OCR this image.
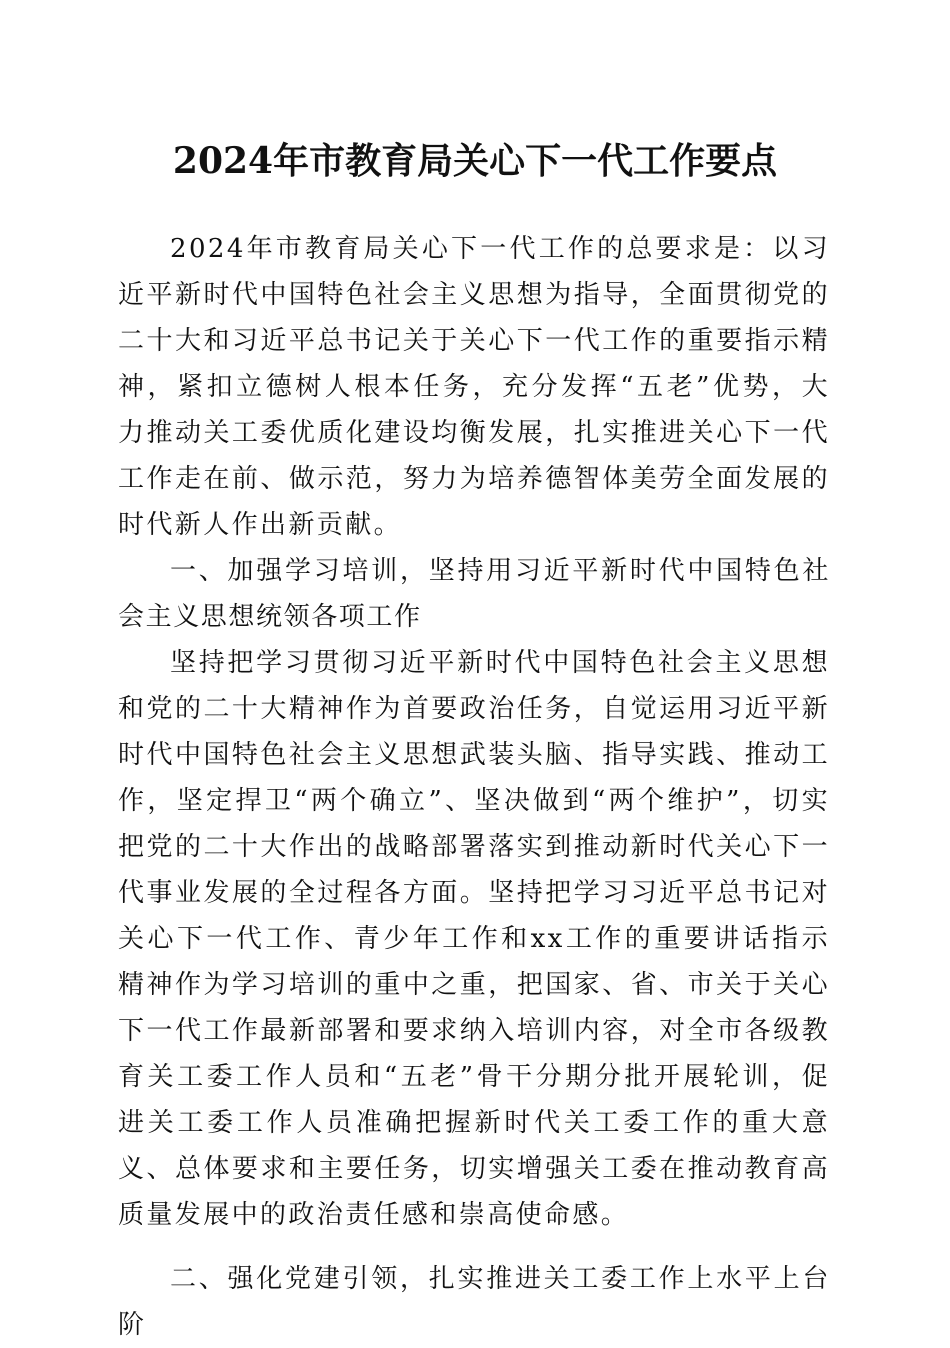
2024年市教育局关心下一代工作要点

2024年市教育局关心下一代工作的总要求是：以习近平新时代中国特色社会主义思想为指导，全面贯彻党的二十大和习近平总书记关于关心下一代工作的重要指示精神，紧扣立德树人根本任务，充分发挥“五老”优势，大力推动关工委优质化建设均衡发展，扎实推进关心下一代工作走在前、做示范，努力为培养德智体美劳全面发展的时代新人作出新贡献。

一、加强学习培训，坚持用习近平新时代中国特色社会主义思想统领各项工作

坚持把学习贯彻习近平新时代中国特色社会主义思想和党的二十大精神作为首要政治任务，自觉运用习近平新时代中国特色社会主义思想武装头脑、指导实践、推动工作，坚定捍卫“两个确立”、坚决做到“两个维护”，切实把党的二十大作出的战略部署落实到推动新时代关心下一代事业发展的全过程各方面。坚持把学习习近平总书记对关心下一代工作、青少年工作和xx工作的重要讲话指示精神作为学习培训的重中之重，把国家、省、市关于关心下一代工作最新部署和要求纳入培训内容，对全市各级教育关工委工作人员和“五老”骨干分期分批开展轮训，促进关工委工作人员准确把握新时代关工委工作的重大意义、总体要求和主要任务，切实增强关工委在推动教育高质量发展中的政治责任感和崇高使命感。

二、强化党建引领，扎实推进关工委工作上水平上台阶
